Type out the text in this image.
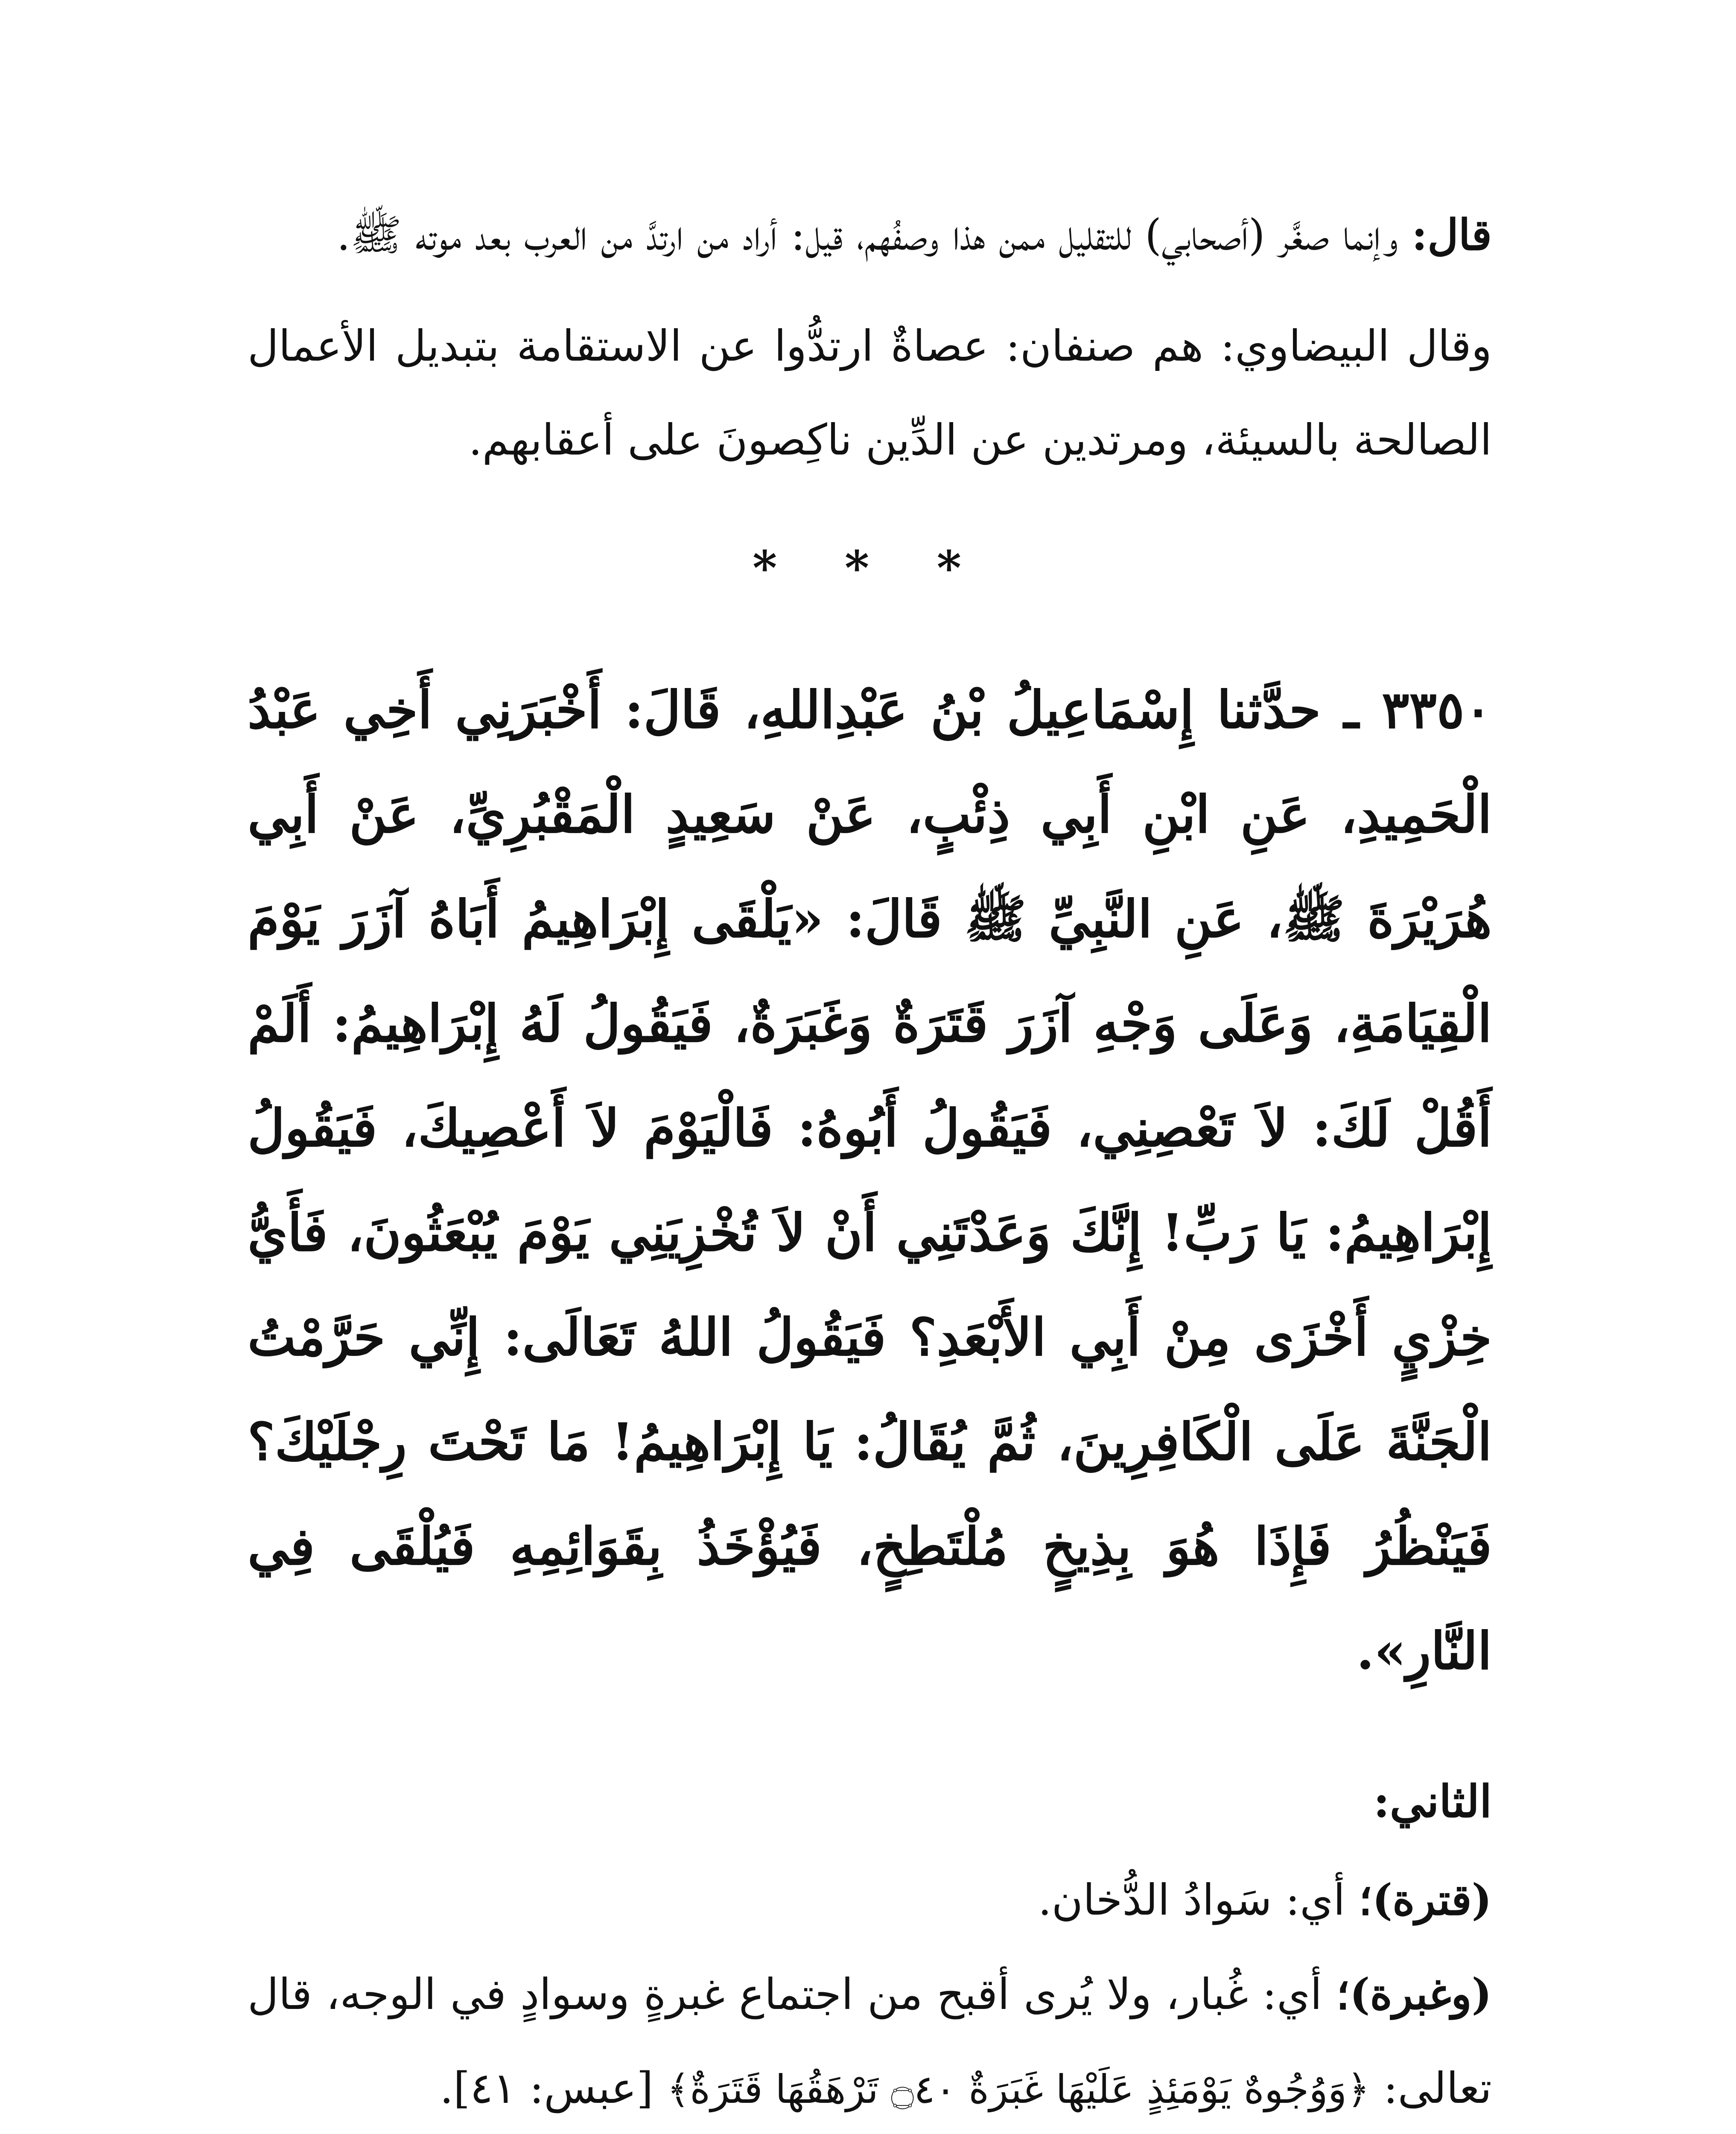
قال: وإنما صغَّر (أصحابي) للتقليل ممن هذا وصفُهم، قيل: أراد من ارتدَّ من العرب بعد موته ﷺ.

وقال البيضاوي: هم صنفان: عصاةٌ ارتدُّوا عن الاستقامة بتبديل الأعمال الصالحة بالسيئة، ومرتدين عن الدِّين ناكِصونَ على أعقابهم.

* * *

٣٣٥٠ ـ حدَّثنا إِسْمَاعِيلُ بْنُ عَبْدِاللهِ، قَالَ: أَخْبَرَنِي أَخِي عَبْدُ الْحَمِيدِ، عَنِ ابْنِ أَبِي ذِئْبٍ، عَنْ سَعِيدٍ الْمَقْبُرِيِّ، عَنْ أَبِي هُرَيْرَةَ ﷺ، عَنِ النَّبِيِّ ﷺ قَالَ: «يَلْقَى إِبْرَاهِيمُ أَبَاهُ آزَرَ يَوْمَ الْقِيَامَةِ، وَعَلَى وَجْهِ آزَرَ قَتَرَةٌ وَغَبَرَةٌ، فَيَقُولُ لَهُ إِبْرَاهِيمُ: أَلَمْ أَقُلْ لَكَ: لاَ تَعْصِنِي، فَيَقُولُ أَبُوهُ: فَالْيَوْمَ لاَ أَعْصِيكَ، فَيَقُولُ إِبْرَاهِيمُ: يَا رَبِّ! إِنَّكَ وَعَدْتَنِي أَنْ لاَ تُخْزِيَنِي يَوْمَ يُبْعَثُونَ، فَأَيُّ خِزْيٍ أَخْزَى مِنْ أَبِي الأَبْعَدِ؟ فَيَقُولُ اللهُ تَعَالَى: إِنِّي حَرَّمْتُ الْجَنَّةَ عَلَى الْكَافِرِينَ، ثُمَّ يُقَالُ: يَا إِبْرَاهِيمُ! مَا تَحْتَ رِجْلَيْكَ؟ فَيَنْظُرُ فَإِذَا هُوَ بِذِيخٍ مُلْتَطِخٍ، فَيُؤْخَذُ بِقَوَائِمِهِ فَيُلْقَى فِي النَّارِ».

الثاني:

(قترة)؛ أي: سَوادُ الدُّخان.

(وغبرة)؛ أي: غُبار، ولا يُرى أقبح من اجتماع غبرةٍ وسوادٍ في الوجه، قال تعالى: ﴿وَوُجُوهٌ يَوْمَئِذٍ عَلَيْهَا غَبَرَةٌ ۝٤٠ تَرْهَقُهَا قَتَرَةٌ﴾ [عبس: ٤١].
